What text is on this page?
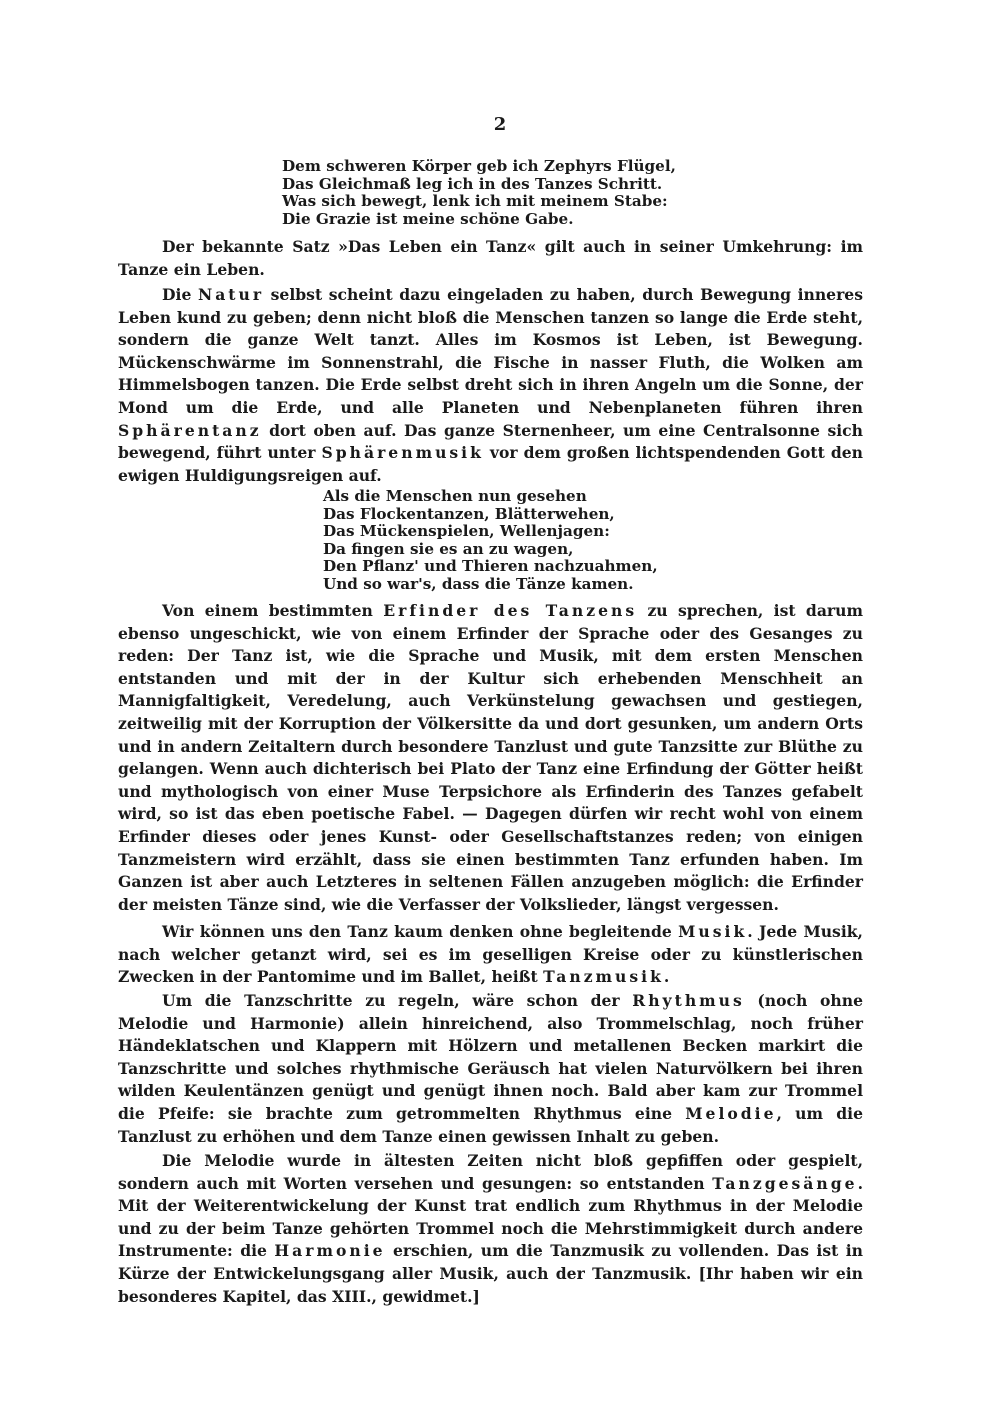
2
Dem schweren Körper geb ich Zephyrs Flügel,
Das Gleichmaß leg ich in des Tanzes Schritt.
Was sich bewegt, lenk ich mit meinem Stabe:
Die Grazie ist meine schöne Gabe.

Der bekannte Satz »Das Leben ein Tanz« gilt auch in seiner Umkehrung: im Tanze ein Leben.

Die Natur selbst scheint dazu eingeladen zu haben, durch Bewegung inneres Leben kund zu geben; denn nicht bloß die Menschen tanzen so lange die Erde steht, sondern die ganze Welt tanzt. Alles im Kosmos ist Leben, ist Bewegung. Mückenschwärme im Sonnenstrahl, die Fische in nasser Fluth, die Wolken am Himmelsbogen tanzen. Die Erde selbst dreht sich in ihren Angeln um die Sonne, der Mond um die Erde, und alle Planeten und Nebenplaneten führen ihren Sphärentanz dort oben auf. Das ganze Sternenheer, um eine Centralsonne sich bewegend, führt unter Sphärenmusik vor dem großen lichtspendenden Gott den ewigen Huldigungsreigen auf.

Als die Menschen nun gesehen
Das Flockentanzen, Blätterwehen,
Das Mückenspielen, Wellenjagen:
Da fingen sie es an zu wagen,
Den Pflanz' und Thieren nachzuahmen,
Und so war's, dass die Tänze kamen.

Von einem bestimmten Erfinder des Tanzens zu sprechen, ist darum ebenso ungeschickt, wie von einem Erfinder der Sprache oder des Gesanges zu reden: Der Tanz ist, wie die Sprache und Musik, mit dem ersten Menschen entstanden und mit der in der Kultur sich erhebenden Menschheit an Mannigfaltigkeit, Veredelung, auch Verkünstelung gewachsen und gestiegen, zeitweilig mit der Korruption der Völkersitte da und dort gesunken, um andern Orts und in andern Zeitaltern durch besondere Tanzlust und gute Tanzsitte zur Blüthe zu gelangen. Wenn auch dichterisch bei Plato der Tanz eine Erfindung der Götter heißt und mythologisch von einer Muse Terpsichore als Erfinderin des Tanzes gefabelt wird, so ist das eben poetische Fabel. — Dagegen dürfen wir recht wohl von einem Erfinder dieses oder jenes Kunst- oder Gesellschaftstanzes reden; von einigen Tanzmeistern wird erzählt, dass sie einen bestimmten Tanz erfunden haben. Im Ganzen ist aber auch Letzteres in seltenen Fällen anzugeben möglich: die Erfinder der meisten Tänze sind, wie die Verfasser der Volkslieder, längst vergessen.

Wir können uns den Tanz kaum denken ohne begleitende Musik. Jede Musik, nach welcher getanzt wird, sei es im geselligen Kreise oder zu künstlerischen Zwecken in der Pantomime und im Ballet, heißt Tanzmusik.

Um die Tanzschritte zu regeln, wäre schon der Rhythmus (noch ohne Melodie und Harmonie) allein hinreichend, also Trommelschlag, noch früher Händeklatschen und Klappern mit Hölzern und metallenen Becken markirt die Tanzschritte und solches rhythmische Geräusch hat vielen Naturvölkern bei ihren wilden Keulentänzen genügt und genügt ihnen noch. Bald aber kam zur Trommel die Pfeife: sie brachte zum getrommelten Rhythmus eine Melodie, um die Tanzlust zu erhöhen und dem Tanze einen gewissen Inhalt zu geben.

Die Melodie wurde in ältesten Zeiten nicht bloß gepfiffen oder gespielt, sondern auch mit Worten versehen und gesungen: so entstanden Tanzgesänge. Mit der Weiterentwickelung der Kunst trat endlich zum Rhythmus in der Melodie und zu der beim Tanze gehörten Trommel noch die Mehrstimmigkeit durch andere Instrumente: die Harmonie erschien, um die Tanzmusik zu vollenden. Das ist in Kürze der Entwickelungsgang aller Musik, auch der Tanzmusik. [Ihr haben wir ein besonderes Kapitel, das XIII., gewidmet.]
